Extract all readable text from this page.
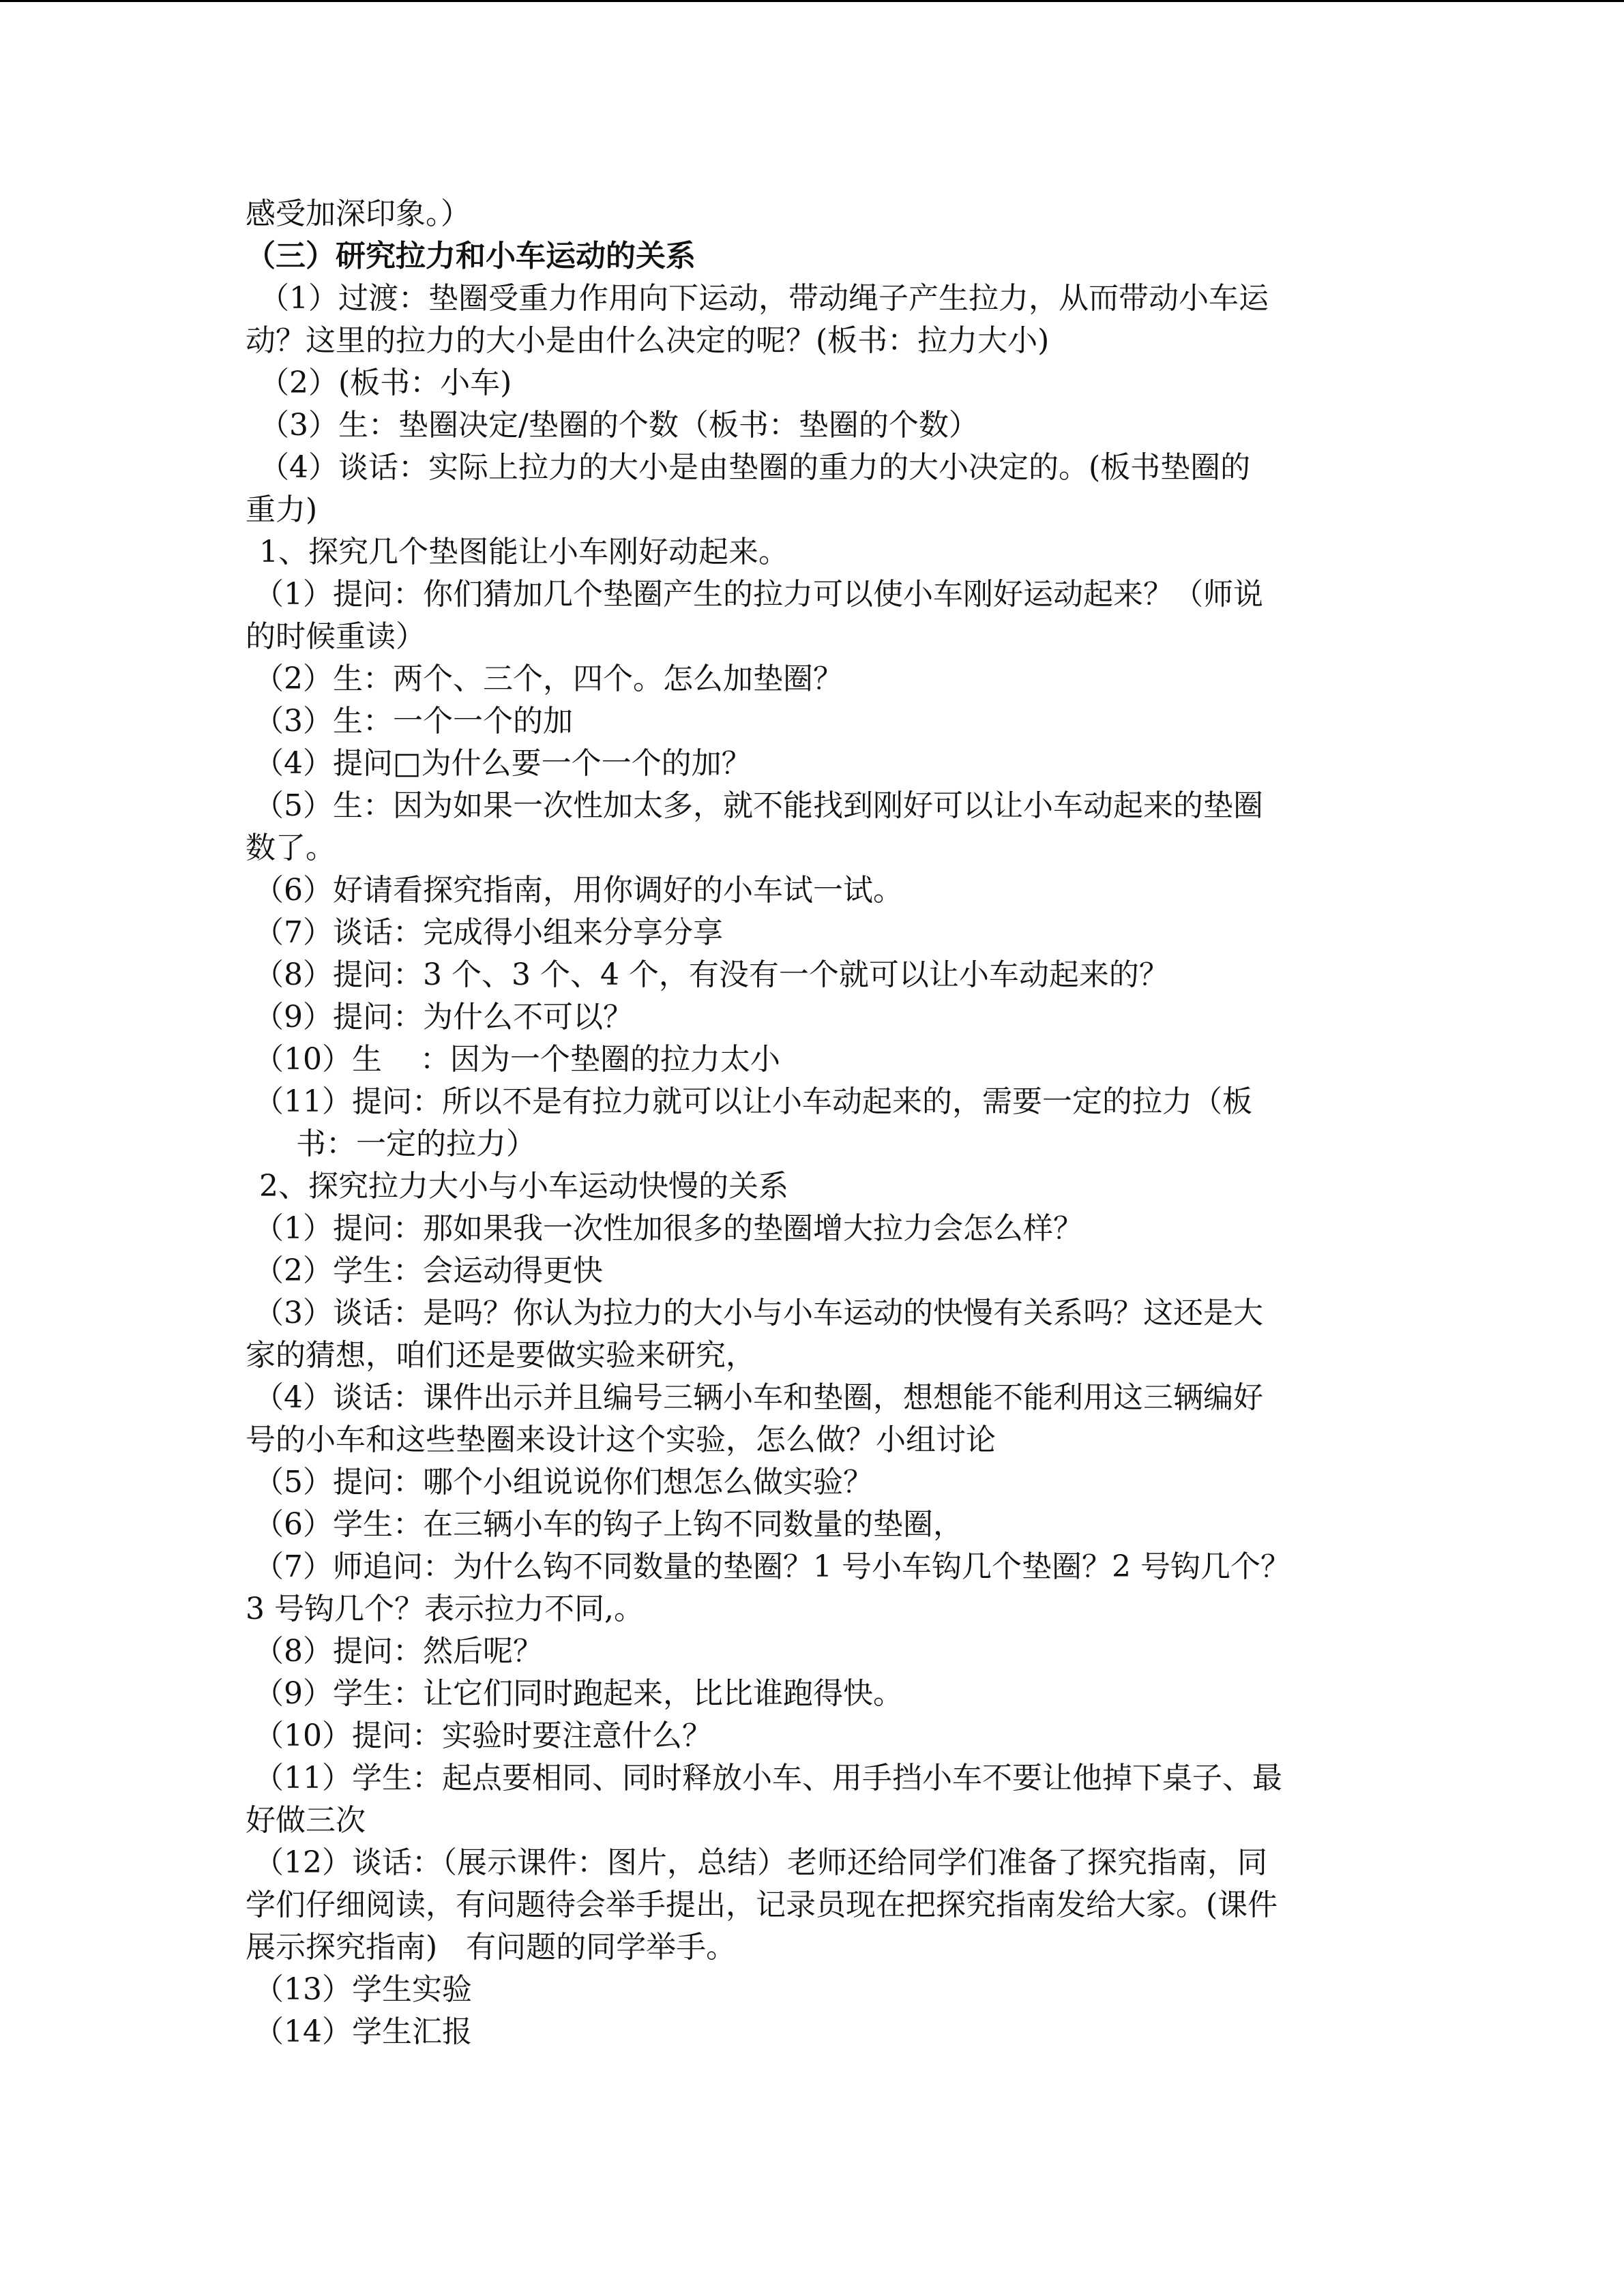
感受加深印象。）
（三）研究拉力和小车运动的关系
（1）过渡：垫圈受重力作用向下运动，带动绳子产生拉力，从而带动小车运
动？这里的拉力的大小是由什么决定的呢？(板书：拉力大小)
（2）(板书：小车)
（3）生：垫圈决定/垫圈的个数（板书：垫圈的个数）
（4）谈话：实际上拉力的大小是由垫圈的重力的大小决定的。(板书垫圈的
重力)
1、探究几个垫图能让小车刚好动起来。
（1）提问：你们猜加几个垫圈产生的拉力可以使小车刚好运动起来？（师说
的时候重读）
（2）生：两个、三个，四个。怎么加垫圈？
（3）生：一个一个的加
（4）提问□为什么要一个一个的加？
（5）生：因为如果一次性加太多，就不能找到刚好可以让小车动起来的垫圈
数了。
（6）好请看探究指南，用你调好的小车试一试。
（7）谈话：完成得小组来分享分享
（8）提问：3 个、3 个、4 个，有没有一个就可以让小车动起来的？
（9）提问：为什么不可以？
（10）生    ：因为一个垫圈的拉力太小
（11）提问：所以不是有拉力就可以让小车动起来的，需要一定的拉力（板
书：一定的拉力）
2、探究拉力大小与小车运动快慢的关系
（1）提问：那如果我一次性加很多的垫圈增大拉力会怎么样？
（2）学生：会运动得更快
（3）谈话：是吗？你认为拉力的大小与小车运动的快慢有关系吗？这还是大
家的猜想，咱们还是要做实验来研究，
（4）谈话：课件出示并且编号三辆小车和垫圈，想想能不能利用这三辆编好
号的小车和这些垫圈来设计这个实验，怎么做？小组讨论
（5）提问：哪个小组说说你们想怎么做实验？
（6）学生：在三辆小车的钩子上钩不同数量的垫圈，
（7）师追问：为什么钩不同数量的垫圈？1 号小车钩几个垫圈？2 号钩几个？
3 号钩几个？表示拉力不同,。
（8）提问：然后呢？
（9）学生：让它们同时跑起来，比比谁跑得快。
（10）提问：实验时要注意什么？
（11）学生：起点要相同、同时释放小车、用手挡小车不要让他掉下桌子、最
好做三次
（12）谈话：（展示课件：图片，总结）老师还给同学们准备了探究指南，同
学们仔细阅读，有问题待会举手提出，记录员现在把探究指南发给大家。(课件
展示探究指南)   有问题的同学举手。
（13）学生实验
（14）学生汇报
